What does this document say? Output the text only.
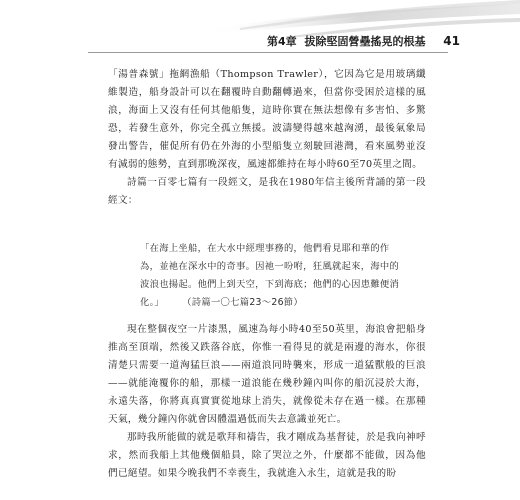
第4章 拔除堅固營壘搖晃的根基 41

「湯普森號」拖網漁船（Thompson Trawler），它因為它是用玻璃纖維製造，船身設計可以在翻覆時自動翻轉過來，但當你受困於這樣的風浪，海面上又沒有任何其他船隻，這時你實在無法想像有多害怕、多驚恐，若發生意外，你完全孤立無援。波濤變得越來越洶湧，最後氣象局發出警告，催促所有仍在外海的小型船隻立刻駛回港灣，看來風勢並沒有減弱的態勢，直到那晚深夜，風速都維持在每小時60至70英里之間。

詩篇一百零七篇有一段經文，是我在1980年信主後所背誦的第一段經文：

「在海上坐船，在大水中經理事務的，他們看見耶和華的作為，並祂在深水中的奇事。因祂一吩咐，狂風就起來，海中的波浪也揚起。他們上到天空，下到海底；他們的心因患難便消化。」 （詩篇一〇七篇23～26節）

現在整個夜空一片漆黑，風速為每小時40至50英里，海浪會把船身推高至頂端，然後又跌落谷底，你惟一看得見的就是兩邊的海水，你很清楚只需要一道洶猛巨浪——兩道浪同時襲來，形成一道猛獸般的巨浪——就能淹覆你的船，那樣一道浪能在幾秒鐘內叫你的船沉浸於大海，永遠失落，你將真真實實從地球上消失，就像從未存在過一樣。在那種天氣，幾分鐘內你就會因體溫過低而失去意識並死亡。

那時我所能做的就是歌拜和禱告，我才剛成為基督徒，於是我向神呼求，然而我船上其他幾個船員，除了哭泣之外，什麼都不能做，因為他們已絕望。如果今晚我們不幸喪生，我就進入永生，這就是我的盼
